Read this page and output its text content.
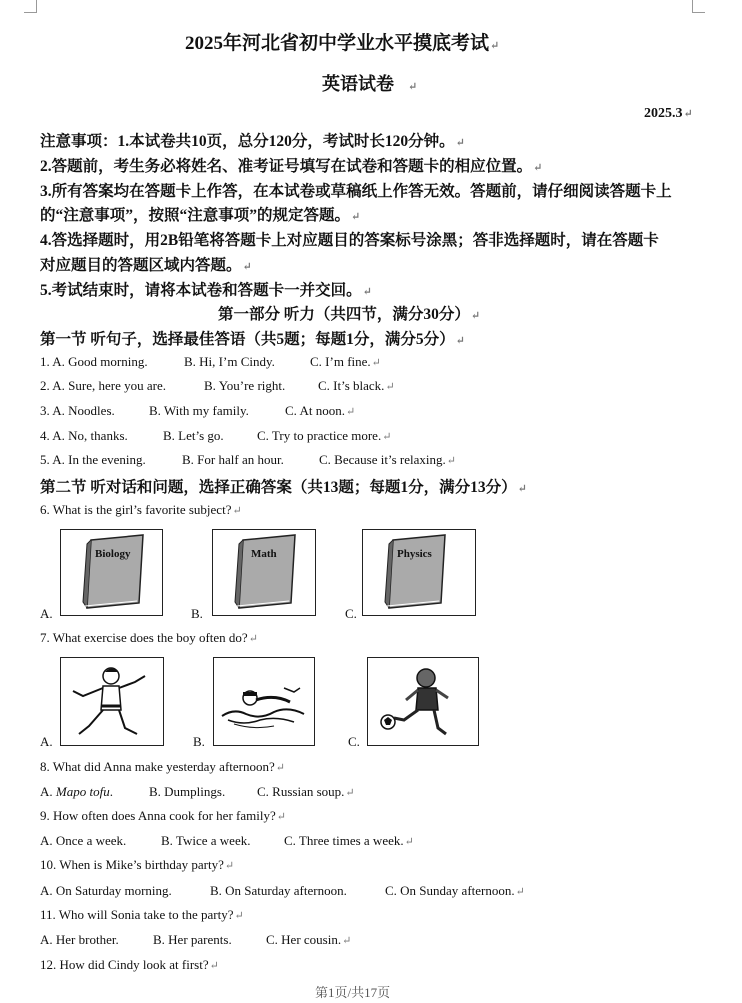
2025年河北省初中学业水平摸底考试↵
英语试卷 ↵
2025.3↵
注意事项：1.本试卷共10页，总分120分，考试时长120分钟。↵
2.答题前，考生务必将姓名、准考证号填写在试卷和答题卡的相应位置。↵
3.所有答案均在答题卡上作答，在本试卷或草稿纸上作答无效。答题前，请仔细阅读答题卡上
的“注意事项”，按照“注意事项”的规定答题。↵
4.答选择题时，用2B铅笔将答题卡上对应题目的答案标号涂黑；答非选择题时，请在答题卡
对应题目的答题区域内答题。↵
5.考试结束时，请将本试卷和答题卡一并交回。↵
第一部分 听力（共四节，满分30分）↵
第一节 听句子，选择最佳答语（共5题；每题1分，满分5分）↵
1. A. Good morning.	B. Hi, I’m Cindy.	C. I’m fine.↵
2. A. Sure, here you are.	B. You’re right.	C. It’s black.↵
3. A. Noodles.	B. With my family.	C. At noon.↵
4. A. No, thanks.	B. Let’s go.	C. Try to practice more.↵
5. A. In the evening.	B. For half an hour.	C. Because it’s relaxing.↵
第二节 听对话和问题，选择正确答案（共13题；每题1分，满分13分）↵
6. What is the girl’s favorite subject?↵
A.
Biology
B.
Math
C.
Physics
7. What exercise does the boy often do?↵
A.	B.	C.
8. What did Anna make yesterday afternoon?↵
A. Mapo tofu.	B. Dumplings. C. Russian soup.↵
9. How often does Anna cook for her family?↵
A. Once a week.	B. Twice a week.	C. Three times a week.↵
10. When is Mike’s birthday party?↵
A. On Saturday morning.	B. On Saturday afternoon.	C. On Sunday afternoon.↵
11. Who will Sonia take to the party?↵
A. Her brother.	B. Her parents.	C. Her cousin.↵
12. How did Cindy look at first?↵
第1页/共17页
